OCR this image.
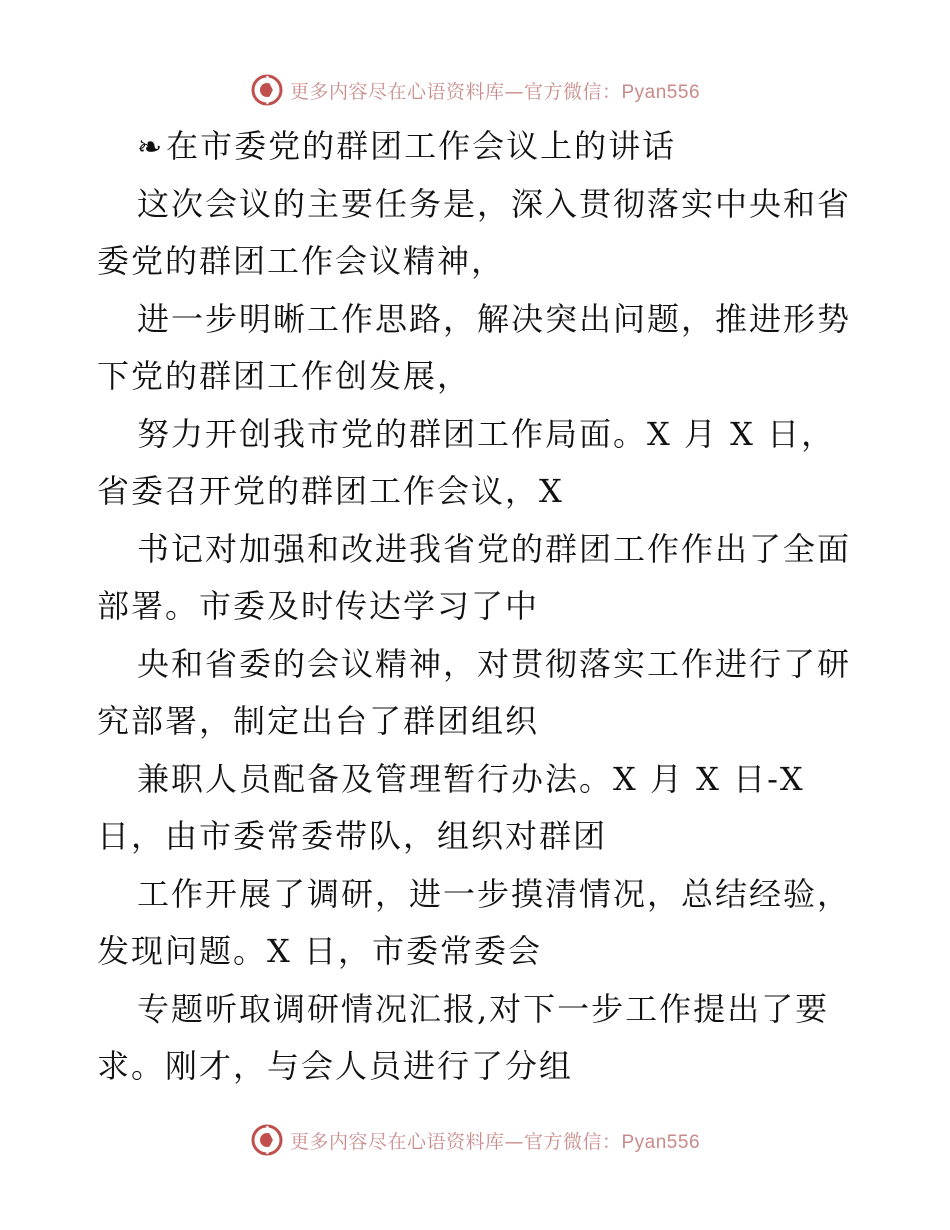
更多内容尽在心语资料库—官方微信：Pyan556
❧在市委党的群团工作会议上的讲话
这次会议的主要任务是，深入贯彻落实中央和省
委党的群团工作会议精神，
进一步明晰工作思路，解决突出问题，推进形势
下党的群团工作创发展，
努力开创我市党的群团工作局面。X 月 X 日，
省委召开党的群团工作会议，X
书记对加强和改进我省党的群团工作作出了全面
部署。市委及时传达学习了中
央和省委的会议精神，对贯彻落实工作进行了研
究部署，制定出台了群团组织
兼职人员配备及管理暂行办法。X 月 X 日-X
日，由市委常委带队，组织对群团
工作开展了调研，进一步摸清情况，总结经验，
发现问题。X 日，市委常委会
专题听取调研情况汇报,对下一步工作提出了要
求。刚才，与会人员进行了分组
更多内容尽在心语资料库—官方微信：Pyan556
